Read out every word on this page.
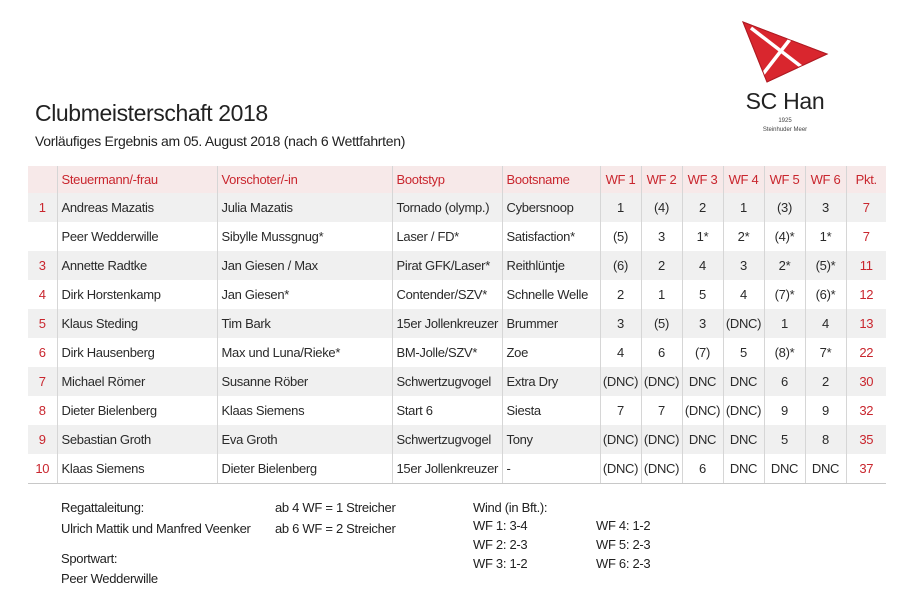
Clubmeisterschaft 2018
Vorläufiges Ergebnis am 05. August 2018 (nach 6 Wettfahrten)
SC Han
1925
Steinhuder Meer
	Steuermann/-frau	Vorschoter/-in	Bootstyp	Bootsname	WF 1	WF 2	WF 3	WF 4	WF 5	WF 6	Pkt.
1	Andreas Mazatis	Julia Mazatis	Tornado (olymp.)	Cybersnoop	1	(4)	2	1	(3)	3	7
	Peer Wedderwille	Sibylle Mussgnug*	Laser / FD*	Satisfaction*	(5)	3	1*	2*	(4)*	1*	7
3	Annette Radtke	Jan Giesen / Max	Pirat GFK/Laser*	Reithlüntje	(6)	2	4	3	2*	(5)*	11
4	Dirk Horstenkamp	Jan Giesen*	Contender/SZV*	Schnelle Welle	2	1	5	4	(7)*	(6)*	12
5	Klaus Steding	Tim Bark	15er Jollenkreuzer	Brummer	3	(5)	3	(DNC)	1	4	13
6	Dirk Hausenberg	Max und Luna/Rieke*	BM-Jolle/SZV*	Zoe	4	6	(7)	5	(8)*	7*	22
7	Michael Römer	Susanne Röber	Schwertzugvogel	Extra Dry	(DNC)	(DNC)	DNC	DNC	6	2	30
8	Dieter Bielenberg	Klaas Siemens	Start 6	Siesta	7	7	(DNC)	(DNC)	9	9	32
9	Sebastian Groth	Eva Groth	Schwertzugvogel	Tony	(DNC)	(DNC)	DNC	DNC	5	8	35
10	Klaas Siemens	Dieter Bielenberg	15er Jollenkreuzer	-	(DNC)	(DNC)	6	DNC	DNC	DNC	37
Regattaleitung:
Ulrich Mattik und Manfred Veenker
ab 4 WF = 1 Streicher
ab 6 WF = 2 Streicher
Sportwart:
Peer Wedderwille
Wind (in Bft.):
WF 1: 3-4
WF 2: 2-3
WF 3: 1-2
WF 4: 1-2
WF 5: 2-3
WF 6: 2-3
